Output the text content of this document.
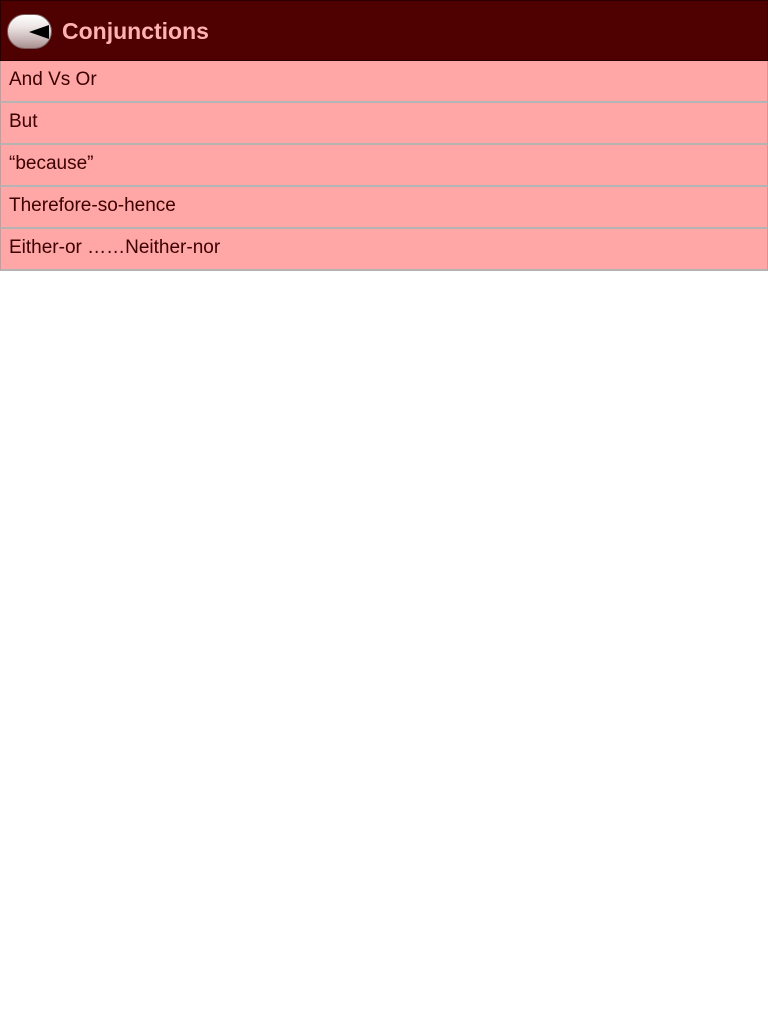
Conjunctions
And Vs Or
But
“because”
Therefore-so-hence
Either-or ……Neither-nor
